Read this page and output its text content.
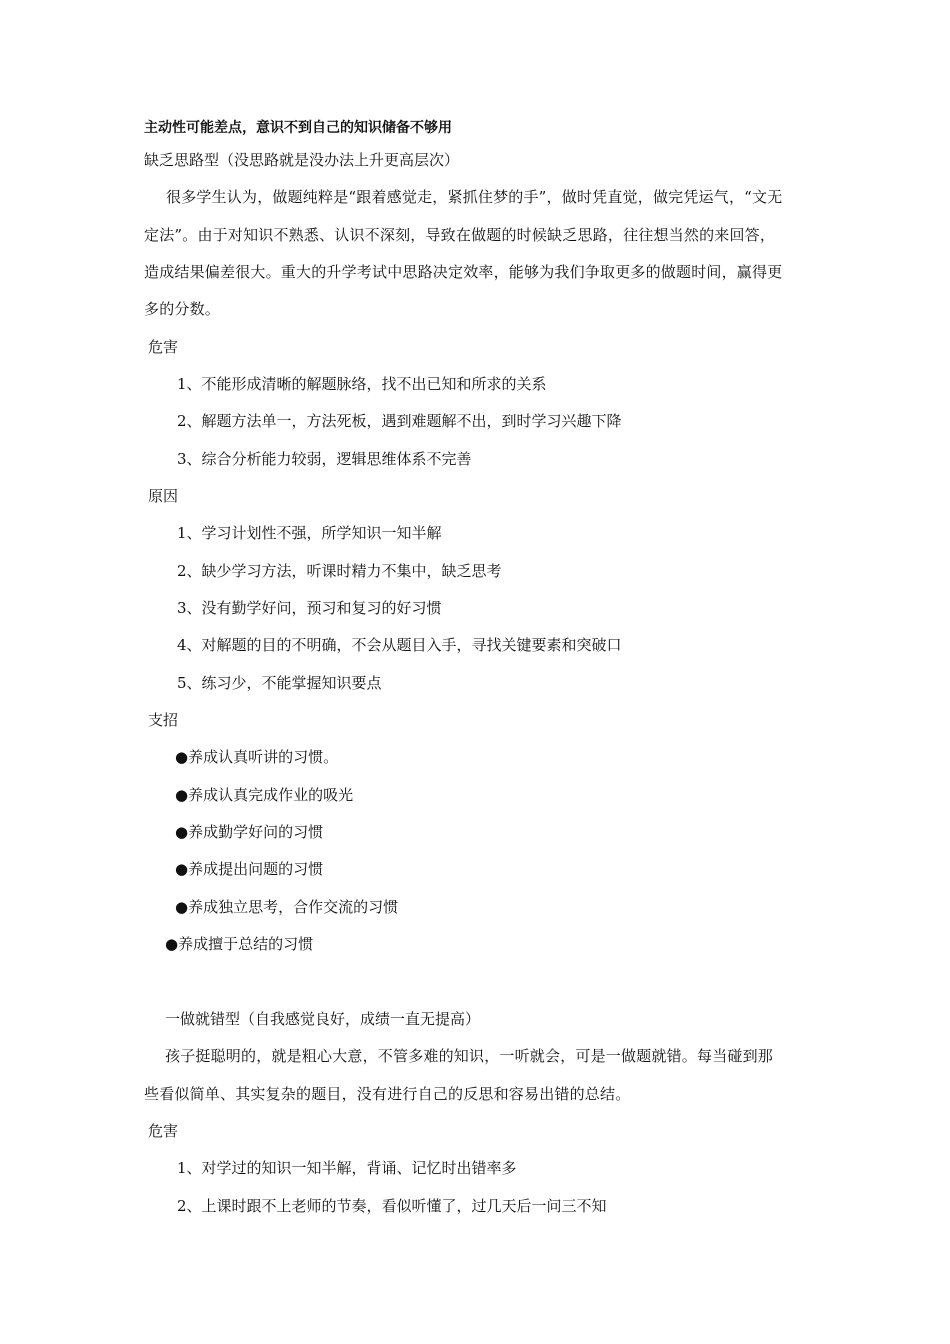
主动性可能差点，意识不到自己的知识储备不够用
缺乏思路型（没思路就是没办法上升更高层次）
很多学生认为，做题纯粹是“跟着感觉走，紧抓住梦的手”，做时凭直觉，做完凭运气，“文无
定法”。由于对知识不熟悉、认识不深刻，导致在做题的时候缺乏思路，往往想当然的来回答，
造成结果偏差很大。重大的升学考试中思路决定效率，能够为我们争取更多的做题时间，赢得更
多的分数。
危害
1、不能形成清晰的解题脉络，找不出已知和所求的关系
2、解题方法单一，方法死板，遇到难题解不出，到时学习兴趣下降
3、综合分析能力较弱，逻辑思维体系不完善
原因
1、学习计划性不强，所学知识一知半解
2、缺少学习方法，听课时精力不集中，缺乏思考
3、没有勤学好问，预习和复习的好习惯
4、对解题的目的不明确，不会从题目入手，寻找关键要素和突破口
5、练习少，不能掌握知识要点
支招
●养成认真听讲的习惯。
●养成认真完成作业的吸光
●养成勤学好问的习惯
●养成提出问题的习惯
●养成独立思考，合作交流的习惯
●养成擅于总结的习惯
一做就错型（自我感觉良好，成绩一直无提高）
孩子挺聪明的，就是粗心大意，不管多难的知识，一听就会，可是一做题就错。每当碰到那
些看似简单、其实复杂的题目，没有进行自己的反思和容易出错的总结。
危害
1、对学过的知识一知半解，背诵、记忆时出错率多
2、上课时跟不上老师的节奏，看似听懂了，过几天后一问三不知
